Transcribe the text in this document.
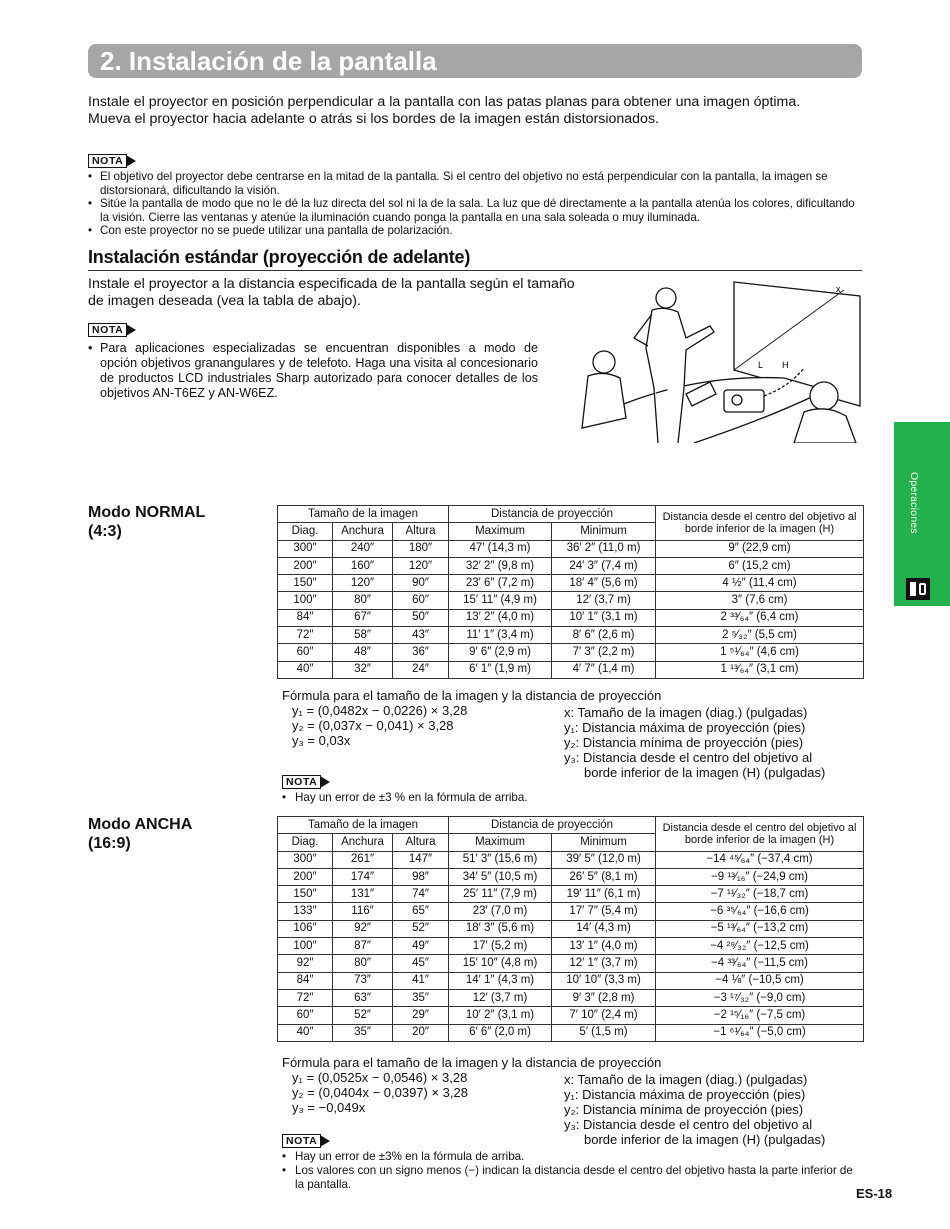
2. Instalación de la pantalla

Instale el proyector en posición perpendicular a la pantalla con las patas planas para obtener una imagen óptima.

Mueva el proyector hacia adelante o atrás si los bordes de la imagen están distorsionados.

NOTA
• El objetivo del proyector debe centrarse en la mitad de la pantalla. Si el centro del objetivo no está perpendicular con la pantalla, la imagen se distorsionará, dificultando la visión.
• Sitúe la pantalla de modo que no le dé la luz directa del sol ni la de la sala. La luz que dé directamente a la pantalla atenúa los colores, dificultando la visión. Cierre las ventanas y atenúe la iluminación cuando ponga la pantalla en una sala soleada o muy iluminada.
• Con este proyector no se puede utilizar una pantalla de polarización.
Instalación estándar (proyección de adelante)
Instale el proyector a la distancia especificada de la pantalla según el tamaño de imagen deseada (vea la tabla de abajo).
NOTA
• Para aplicaciones especializadas se encuentran disponibles a modo de opción objetivos granangulares y de telefoto. Haga una visita al concesionario de productos LCD industriales Sharp autorizado para conocer detalles de los objetivos AN-T6EZ y AN-W6EZ.
x
L H
Operaciones
Modo NORMAL
(4:3)
Tamaño de la imagen			Distancia de proyección		Distancia desde el centro del objetivo al borde inferior de la imagen (H)
Diag.	Anchura	Altura	Maximum	Minimum	
300″	240″	180″	47′ (14,3 m)	36′ 2″ (11,0 m)	9″ (22,9 cm)
200″	160″	120″	32′ 2″ (9,8 m)	24′ 3″ (7,4 m)	6″ (15,2 cm)
150″	120″	90″	23′ 6″ (7,2 m)	18′ 4″ (5,6 m)	4 ½″ (11,4 cm)
100″	80″	60″	15′ 11″ (4,9 m)	12′ (3,7 m)	3″ (7,6 cm)
84″	67″	50″	13′ 2″ (4,0 m)	10′ 1″ (3,1 m)	2 ³³⁄₆₄″ (6,4 cm)
72″	58″	43″	11′ 1″ (3,4 m)	8′ 6″ (2,6 m)	2 ⁵⁄₃₂″ (5,5 cm)
60″	48″	36″	9′ 6″ (2,9 m)	7′ 3″ (2,2 m)	1 ⁵¹⁄₆₄″ (4,6 cm)
40″	32″	24″	6′ 1″ (1,9 m)	4′ 7″ (1,4 m)	1 ¹³⁄₆₄″ (3,1 cm)
Fórmula para el tamaño de la imagen y la distancia de proyección
y₁ = (0,0482x − 0,0226) × 3,28
y₂ = (0,037x − 0,041) × 3,28
y₃ = 0,03x
x: Tamaño de la imagen (diag.) (pulgadas)
y₁: Distancia máxima de proyección (pies)
y₂: Distancia mínima de proyección (pies)
y₃: Distancia desde el centro del objetivo al
borde inferior de la imagen (H) (pulgadas)
NOTA
• Hay un error de ±3 % en la fórmula de arriba.
Modo ANCHA
(16:9)
Tamaño de la imagen			Distancia de proyección		Distancia desde el centro del objetivo al borde inferior de la imagen (H)
Diag.	Anchura	Altura	Maximum	Minimum	
300″	261″	147″	51′ 3″ (15,6 m)	39′ 5″ (12,0 m)	−14 ⁴⁵⁄₆₄″ (−37,4 cm)
200″	174″	98″	34′ 5″ (10,5 m)	26′ 5″ (8,1 m)	−9 ¹³⁄₁₆″ (−24,9 cm)
150″	131″	74″	25′ 11″ (7,9 m)	19′ 11″ (6,1 m)	−7 ¹¹⁄₃₂″ (−18,7 cm)
133″	116″	65″	23′ (7,0 m)	17′ 7″ (5,4 m)	−6 ³⁵⁄₆₄″ (−16,6 cm)
106″	92″	52″	18′ 3″ (5,6 m)	14′ (4,3 m)	−5 ¹³⁄₆₄″ (−13,2 cm)
100″	87″	49″	17′ (5,2 m)	13′ 1″ (4,0 m)	−4 ²⁹⁄₃₂″ (−12,5 cm)
92″	80″	45″	15′ 10″ (4,8 m)	12′ 1″ (3,7 m)	−4 ³³⁄₆₄″ (−11,5 cm)
84″	73″	41″	14′ 1″ (4,3 m)	10′ 10″ (3,3 m)	−4 ⅛″ (−10,5 cm)
72″	63″	35″	12′ (3,7 m)	9′ 3″ (2,8 m)	−3 ¹⁷⁄₃₂″ (−9,0 cm)
60″	52″	29″	10′ 2″ (3,1 m)	7′ 10″ (2,4 m)	−2 ¹⁵⁄₁₆″ (−7,5 cm)
40″	35″	20″	6′ 6″ (2,0 m)	5′ (1,5 m)	−1 ⁶¹⁄₆₄″ (−5,0 cm)
Fórmula para el tamaño de la imagen y la distancia de proyección
y₁ = (0,0525x − 0,0546) × 3,28
y₂ = (0,0404x − 0,0397) × 3,28
y₃ = −0,049x
x: Tamaño de la imagen (diag.) (pulgadas)
y₁: Distancia máxima de proyección (pies)
y₂: Distancia mínima de proyección (pies)
y₃: Distancia desde el centro del objetivo al
borde inferior de la imagen (H) (pulgadas)
NOTA
• Hay un error de ±3% en la fórmula de arriba.
• Los valores con un signo menos (−) indican la distancia desde el centro del objetivo hasta la parte inferior de la pantalla.
ES-18
